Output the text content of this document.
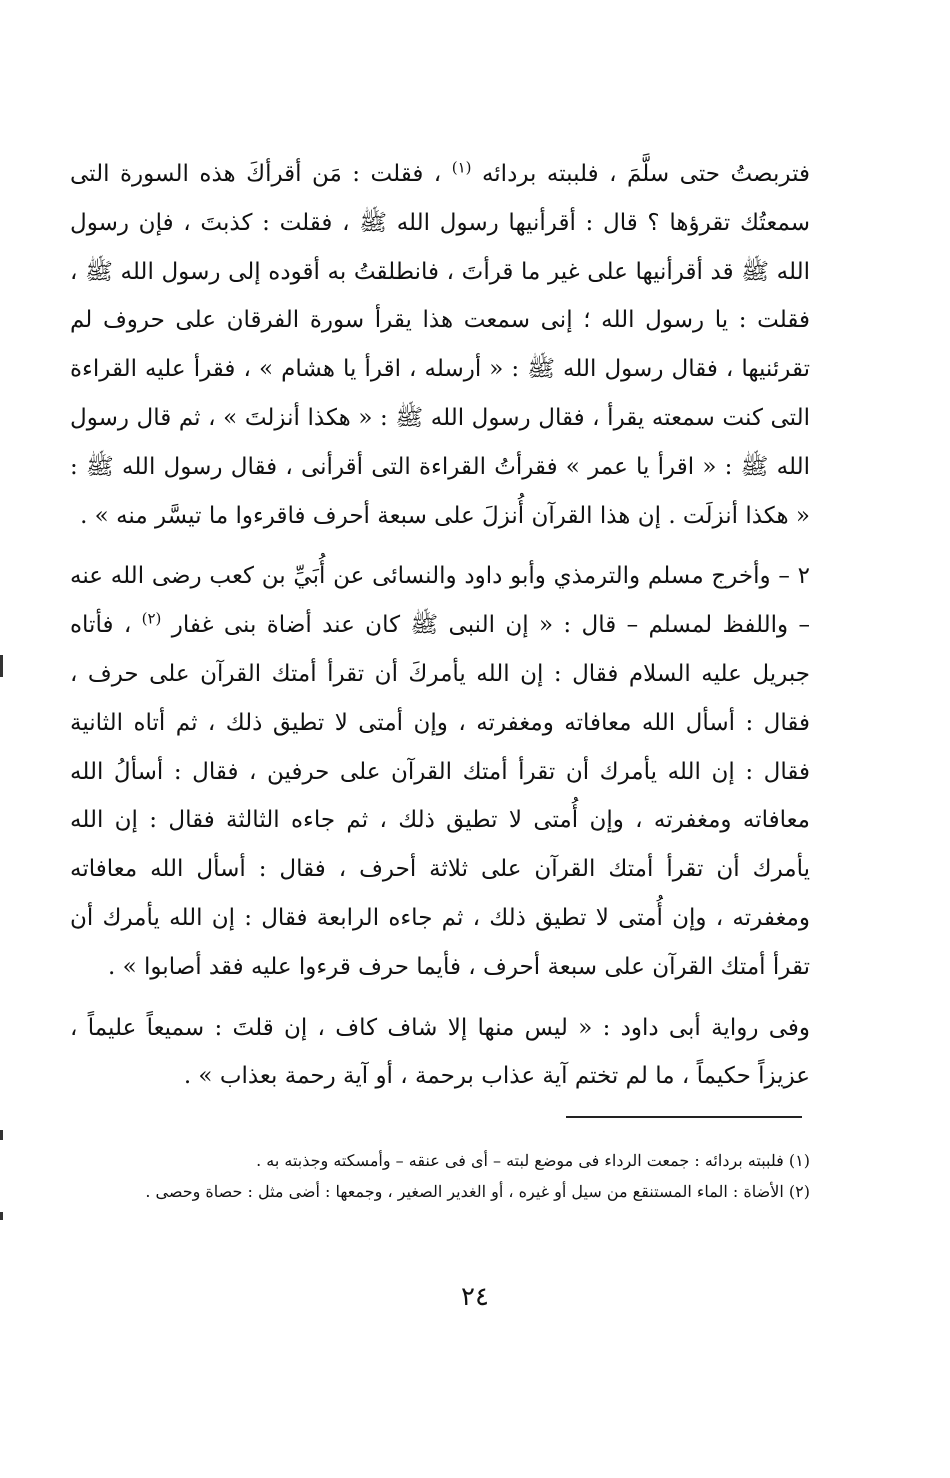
فتربصتُ حتى سلَّمَ ، فلببته بردائه $^{(١)}$ ، فقلت : مَن أقرأكَ هذه السورة التى سمعتُك تقرؤها ؟ قال : أقرأنيها رسول الله ﷺ ، فقلت : كذبتَ ، فإن رسول الله ﷺ قد أقرأنيها على غير ما قرأتَ ، فانطلقتُ به أقوده إلى رسول الله ﷺ ، فقلت : يا رسول الله ؛ إنى سمعت هذا يقرأ سورة الفرقان على حروف لم تقرئنيها ، فقال رسول الله ﷺ : « أرسله ، اقرأ يا هشام » ، فقرأ عليه القراءة التى كنت سمعته يقرأ ، فقال رسول الله ﷺ : « هكذا أنزلتَ » ، ثم قال رسول الله ﷺ : « اقرأ يا عمر » فقرأتُ القراءة التى أقرأنى ، فقال رسول الله ﷺ : « هكذا أنزلَت . إن هذا القرآن أُنزلَ على سبعة أحرف فاقرءوا ما تيسَّر منه » .

٢ – وأخرج مسلم والترمذي وأبو داود والنسائى عن أُبَيِّ بن كعب رضى الله عنه – واللفظ لمسلم – قال : « إن النبى ﷺ كان عند أضاة بنى غفار $^{(٢)}$ ، فأتاه جبريل عليه السلام فقال : إن الله يأمركَ أن تقرأ أمتك القرآن على حرف ، فقال : أسأل الله معافاته ومغفرته ، وإن أمتى لا تطيق ذلك ، ثم أتاه الثانية فقال : إن الله يأمرك أن تقرأ أمتك القرآن على حرفين ، فقال : أسألُ الله معافاته ومغفرته ، وإن أُمتى لا تطيق ذلك ، ثم جاءه الثالثة فقال : إن الله يأمرك أن تقرأ أمتك القرآن على ثلاثة أحرف ، فقال : أسأل الله معافاته ومغفرته ، وإن أُمتى لا تطيق ذلك ، ثم جاءه الرابعة فقال : إن الله يأمرك أن تقرأ أمتك القرآن على سبعة أحرف ، فأيما حرف قرءوا عليه فقد أصابوا » .

وفى رواية أبى داود : « ليس منها إلا شاف كاف ، إن قلتَ : سميعاً عليماً ، عزيزاً حكيماً ، ما لم تختم آية عذاب برحمة ، أو آية رحمة بعذاب » .

(١) فلببته بردائه : جمعت الرداء فى موضع لبته – أى فى عنقه – وأمسكته وجذبته به .

(٢) الأضاة : الماء المستنقع من سيل أو غيره ، أو الغدير الصغير ، وجمعها : أضى مثل : حصاة وحصى .

٢٤
